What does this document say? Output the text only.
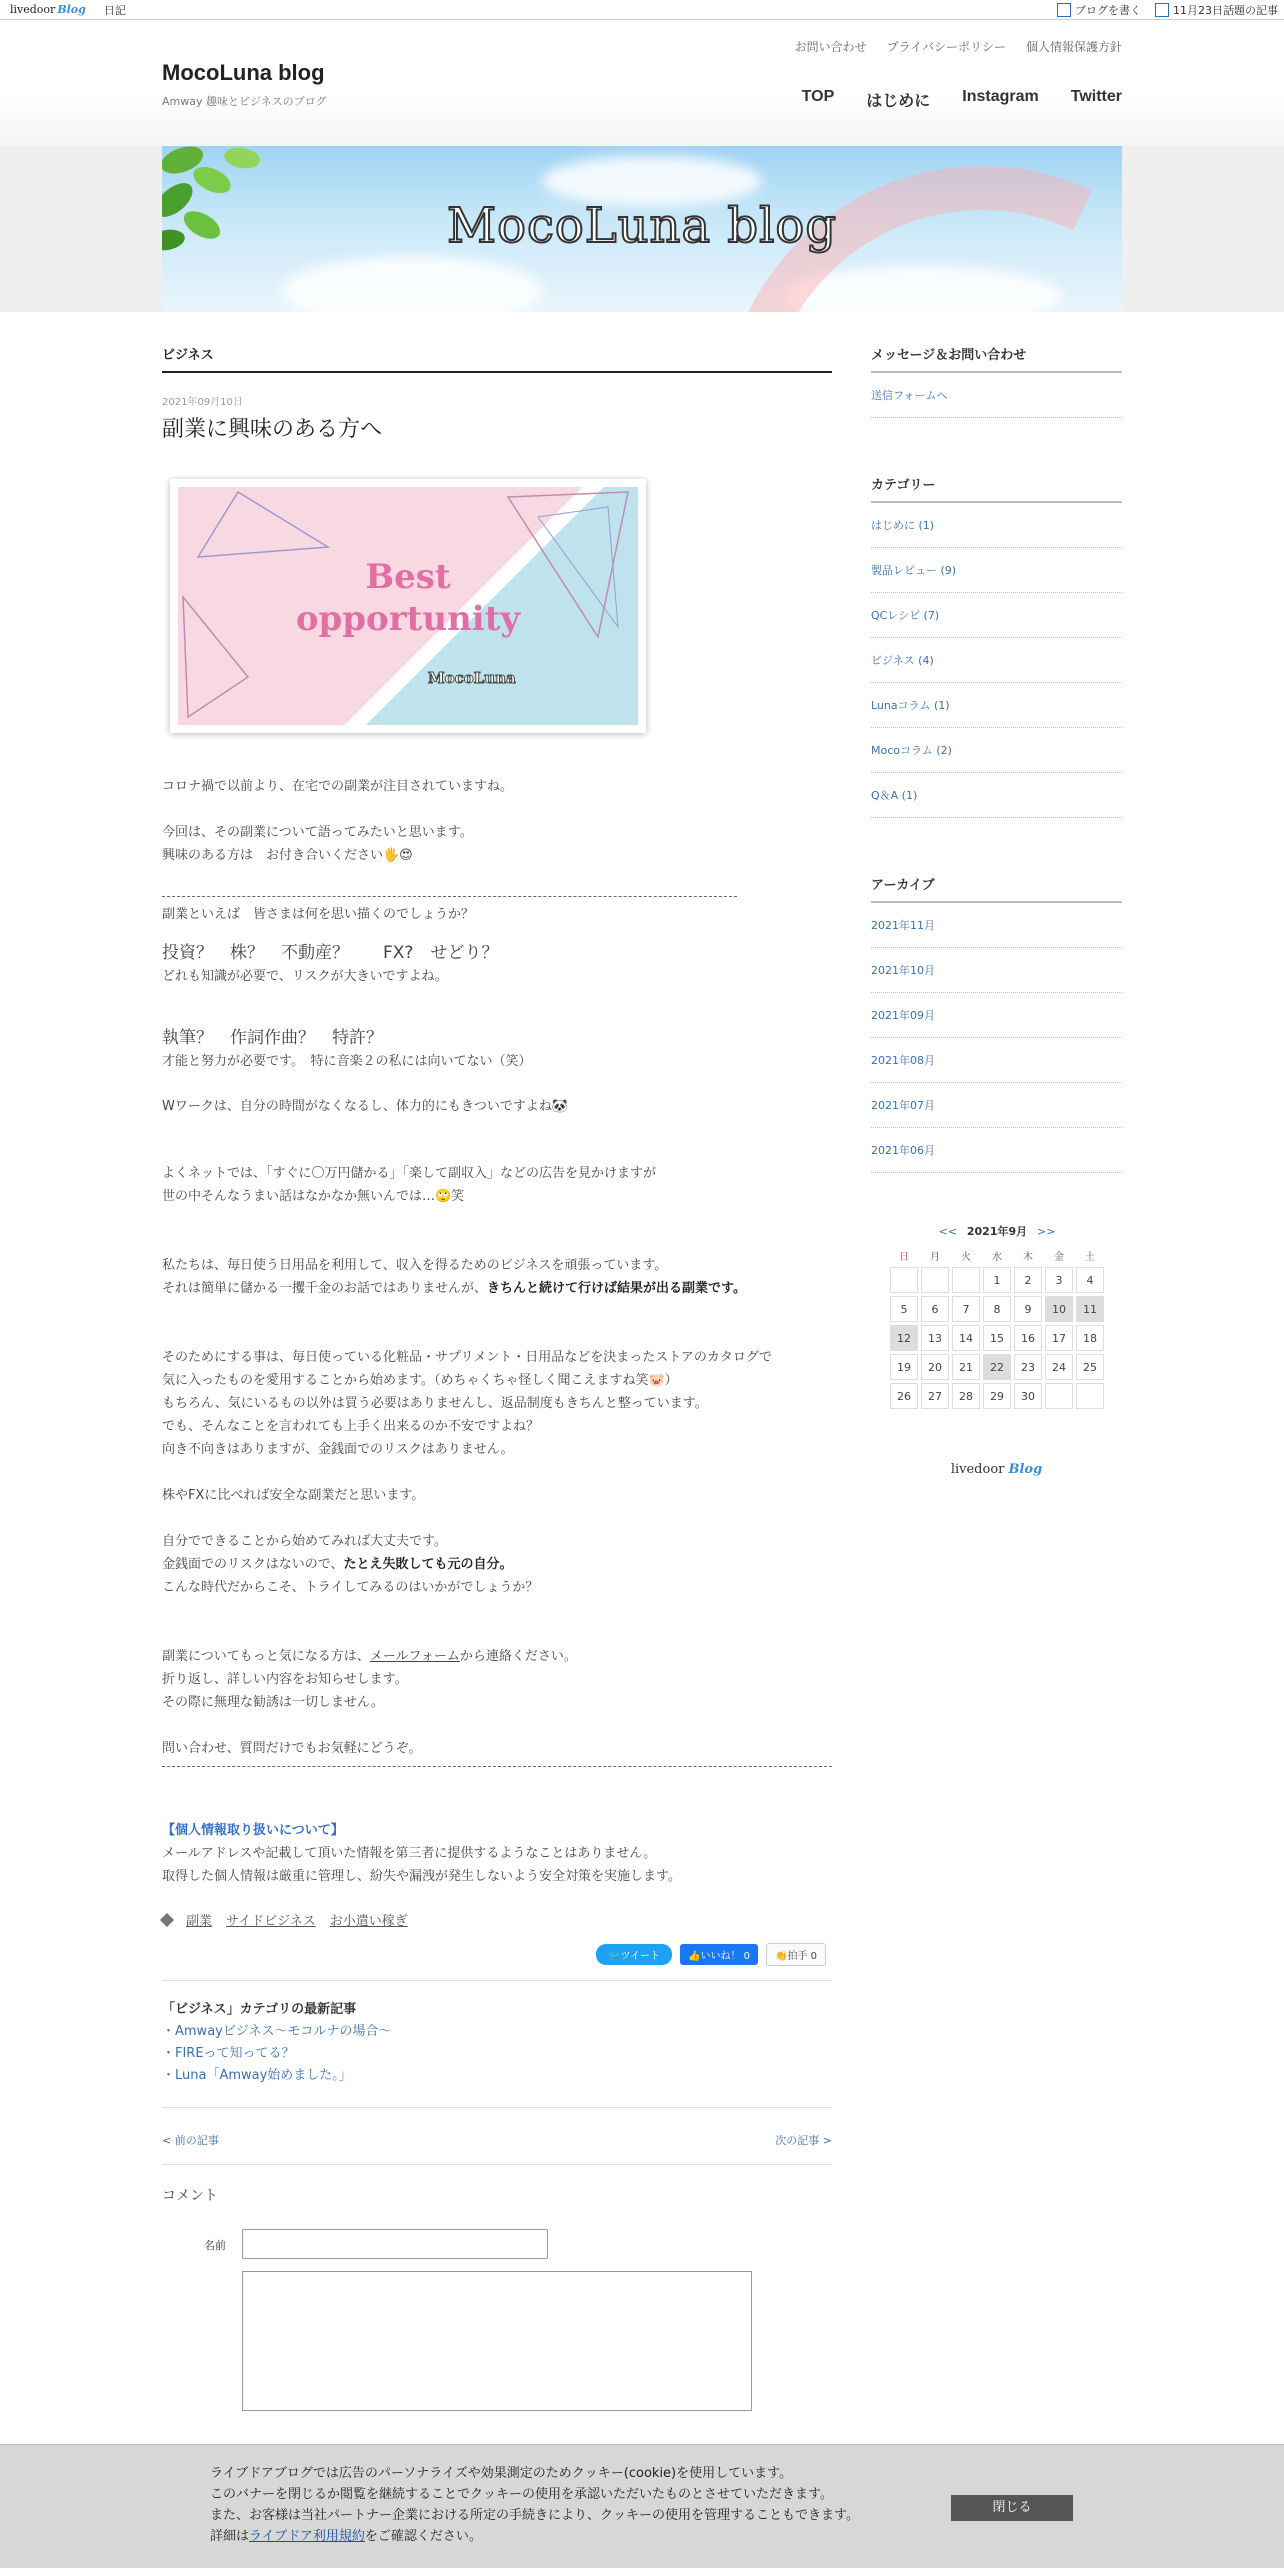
livedoor Blog 日記	ブログを書く	11月23日話題の記事
お問い合わせ プライバシーポリシー 個人情報保護方針
MocoLuna blog
Amway 趣味とビジネスのブログ	TOP はじめに Instagram Twitter
MocoLuna blog
ビジネス
2021年09月10日
副業に興味のある方へ
Best
opportunity
MocoLuna

コロナ禍で以前より、在宅での副業が注目されていますね。

今回は、その副業について語ってみたいと思います。

興味のある方は　お付き合いください🖐😍

副業といえば　皆さまは何を思い描くのでしょうか？

投資？　株？　不動産？　　FX?　せどり？

どれも知識が必要で、リスクが大きいですよね。

執筆？　作詞作曲？　特許？

才能と努力が必要です。　特に音楽２の私には向いてない（笑）

Wワークは、自分の時間がなくなるし、体力的にもきついですよね🐼

よくネットでは、「すぐに〇万円儲かる」「楽して副収入」などの広告を見かけますが

世の中そんなうまい話はなかなか無いんでは…🙄笑

私たちは、毎日使う日用品を利用して、収入を得るためのビジネスを頑張っています。

それは簡単に儲かる一攫千金のお話ではありませんが、きちんと続けて行けば結果が出る副業です。

そのためにする事は、毎日使っている化粧品・サプリメント・日用品などを決まったストアのカタログで

気に入ったものを愛用することから始めます。（めちゃくちゃ怪しく聞こえますね笑🐷）

もちろん、気にいるもの以外は買う必要はありませんし、返品制度もきちんと整っています。

でも、そんなことを言われても上手く出来るのか不安ですよね？

向き不向きはありますが、金銭面でのリスクはありません。

株やFXに比べれば安全な副業だと思います。

自分でできることから始めてみれば大丈夫です。

金銭面でのリスクはないので、たとえ失敗しても元の自分。

こんな時代だからこそ、トライしてみるのはいかがでしょうか？

副業についてもっと気になる方は、メールフォームから連絡ください。

折り返し、詳しい内容をお知らせします。

その際に無理な勧誘は一切しません。

問い合わせ、質問だけでもお気軽にどうぞ。

【個人情報取り扱いについて】

メールアドレスや記載して頂いた情報を第三者に提供するようなことはありません。

取得した個人情報は厳重に管理し、紛失や漏洩が発生しないよう安全対策を実施します。

副業 サイドビジネス お小遣い稼ぎ
🐦ツイート	👍いいね！ 0	👏拍手 0
「ビジネス」カテゴリの最新記事
・Amwayビジネス～モコルナの場合～
・FIREって知ってる？
・Luna「Amway始めました。」
< 前の記事	次の記事 >
コメント
名前
メッセージ＆お問い合わせ
送信フォームへ
カテゴリー
はじめに (1)
製品レビュー (9)
QCレシピ (7)
ビジネス (4)
Lunaコラム (1)
Mocoコラム (2)
Q＆A (1)
アーカイブ
2021年11月
2021年10月
2021年09月
2021年08月
2021年07月
2021年06月
<< 2021年9月 >>
日	月	火	水	木	金	土
			1	2	3	4
5	6	7	8	9	10	11
12	13	14	15	16	17	18
19	20	21	22	23	24	25
26	27	28	29	30		
livedoor Blog
ライブドアブログでは広告のパーソナライズや効果測定のためクッキー(cookie)を使用しています。
このバナーを閉じるか閲覧を継続することでクッキーの使用を承認いただいたものとさせていただきます。
また、お客様は当社パートナー企業における所定の手続きにより、クッキーの使用を管理することもできます。
詳細はライブドア利用規約をご確認ください。
閉じる
